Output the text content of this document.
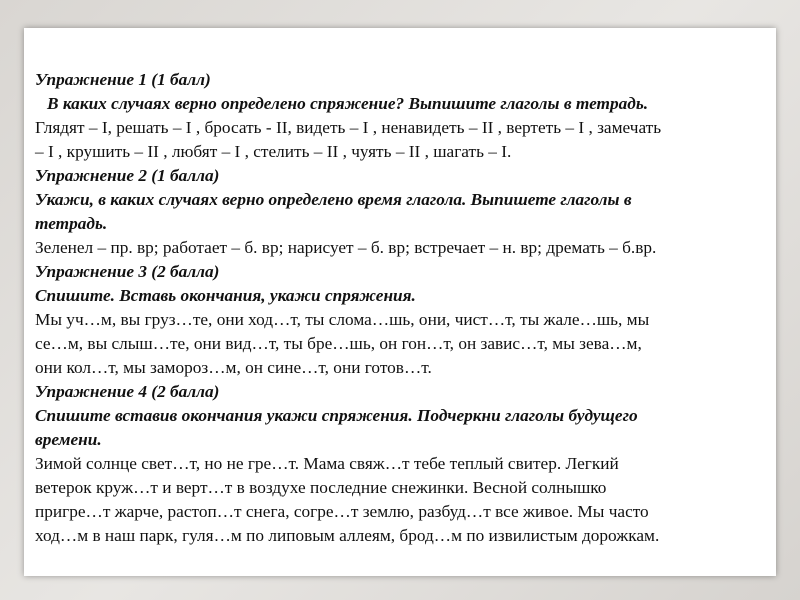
Упражнение 1 (1 балл)
В каких случаях верно определено спряжение? Выпишите глаголы в тетрадь.
Глядят – I, решать – I , бросать - II, видеть – I , ненавидеть – II , вертеть – I , замечать
– I , крушить – II , любят – I , стелить – II , чуять – II , шагать – I.
Упражнение 2 (1 балла)
Укажи, в каких случаях верно определено время глагола. Выпишете глаголы в
тетрадь.
Зеленел – пр. вр; работает – б. вр; нарисует – б. вр; встречает – н. вр; дремать – б.вр.
Упражнение 3 (2 балла)
Спишите. Вставь окончания, укажи спряжения.
Мы уч…м, вы груз…те, они ход…т, ты слома…шь, они, чист…т, ты жале…шь, мы
се…м, вы слыш…те, они вид…т, ты бре…шь, он гон…т, он завис…т, мы зева…м,
они кол…т, мы замороз…м, он сине…т, они готов…т.
Упражнение 4 (2 балла)
Спишите вставив окончания укажи спряжения. Подчеркни глаголы будущего
времени.
Зимой солнце свет…т, но не гре…т. Мама свяж…т тебе теплый свитер. Легкий
ветерок круж…т и верт…т в воздухе последние снежинки. Весной солнышко
пригре…т жарче, растоп…т снега, согре…т землю, разбуд…т все живое. Мы часто
ход…м в наш парк, гуля…м по липовым аллеям, брод…м по извилистым дорожкам.
